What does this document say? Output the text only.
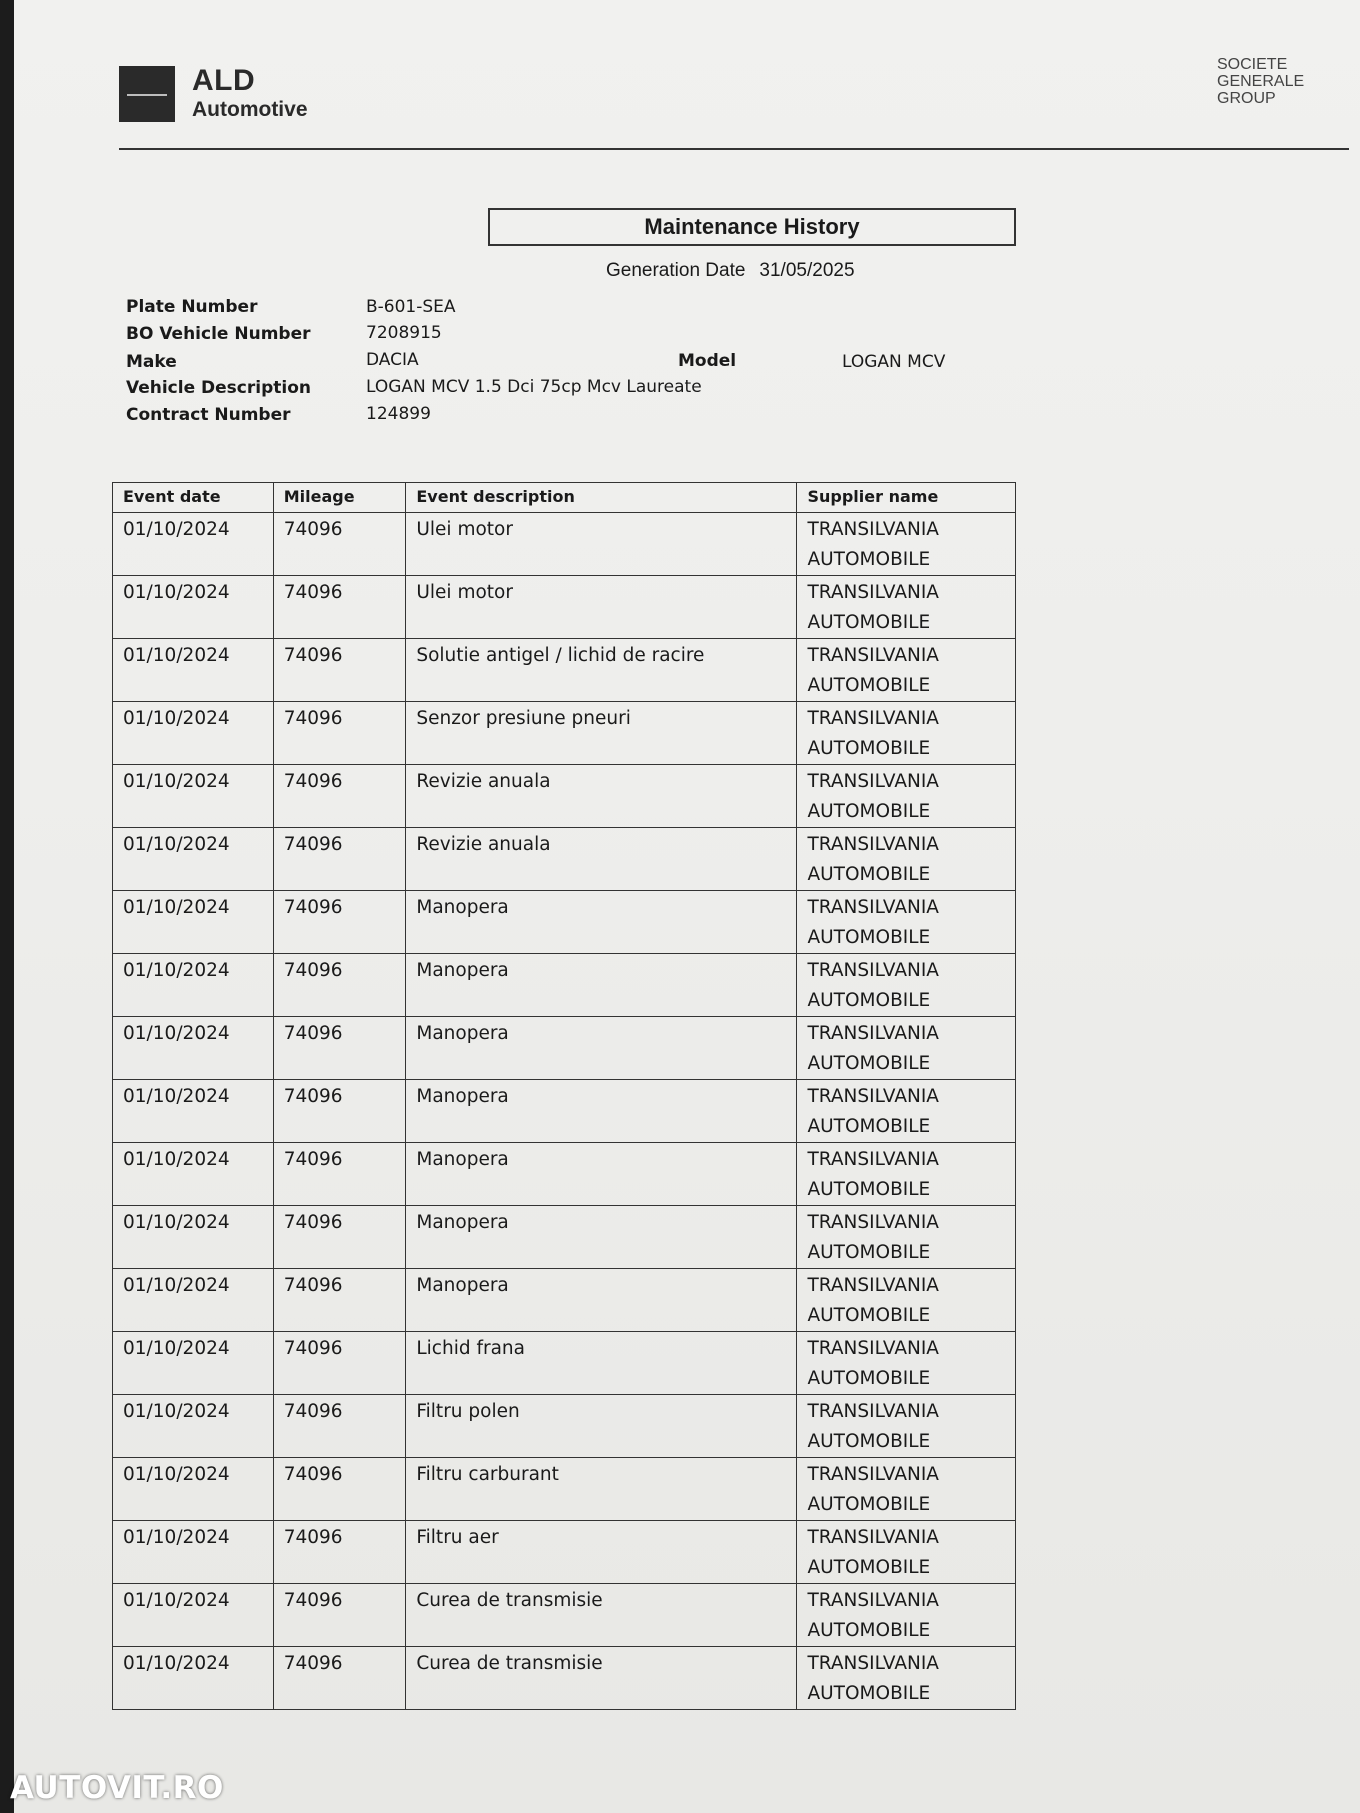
ALD
Automotive
SOCIETE
GENERALE
GROUP
Maintenance History
Generation Date 31/05/2025
Plate Number	B-601-SEA
BO Vehicle Number	7208915
Make	DACIA	Model	LOGAN MCV
Vehicle Description	LOGAN MCV 1.5 Dci 75cp Mcv Laureate
Contract Number	124899
Event date	Mileage	Event description	Supplier name
01/10/2024	74096	Ulei motor	TRANSILVANIA
AUTOMOBILE

01/10/2024	74096	Ulei motor	TRANSILVANIA
AUTOMOBILE

01/10/2024	74096	Solutie antigel / lichid de racire	TRANSILVANIA
AUTOMOBILE

01/10/2024	74096	Senzor presiune pneuri	TRANSILVANIA
AUTOMOBILE

01/10/2024	74096	Revizie anuala	TRANSILVANIA
AUTOMOBILE

01/10/2024	74096	Revizie anuala	TRANSILVANIA
AUTOMOBILE

01/10/2024	74096	Manopera	TRANSILVANIA
AUTOMOBILE

01/10/2024	74096	Manopera	TRANSILVANIA
AUTOMOBILE

01/10/2024	74096	Manopera	TRANSILVANIA
AUTOMOBILE

01/10/2024	74096	Manopera	TRANSILVANIA
AUTOMOBILE

01/10/2024	74096	Manopera	TRANSILVANIA
AUTOMOBILE

01/10/2024	74096	Manopera	TRANSILVANIA
AUTOMOBILE

01/10/2024	74096	Manopera	TRANSILVANIA
AUTOMOBILE

01/10/2024	74096	Lichid frana	TRANSILVANIA
AUTOMOBILE

01/10/2024	74096	Filtru polen	TRANSILVANIA
AUTOMOBILE

01/10/2024	74096	Filtru carburant	TRANSILVANIA
AUTOMOBILE

01/10/2024	74096	Filtru aer	TRANSILVANIA
AUTOMOBILE

01/10/2024	74096	Curea de transmisie	TRANSILVANIA
AUTOMOBILE

01/10/2024	74096	Curea de transmisie	TRANSILVANIA
AUTOMOBILE
AUTOVIT.RO
